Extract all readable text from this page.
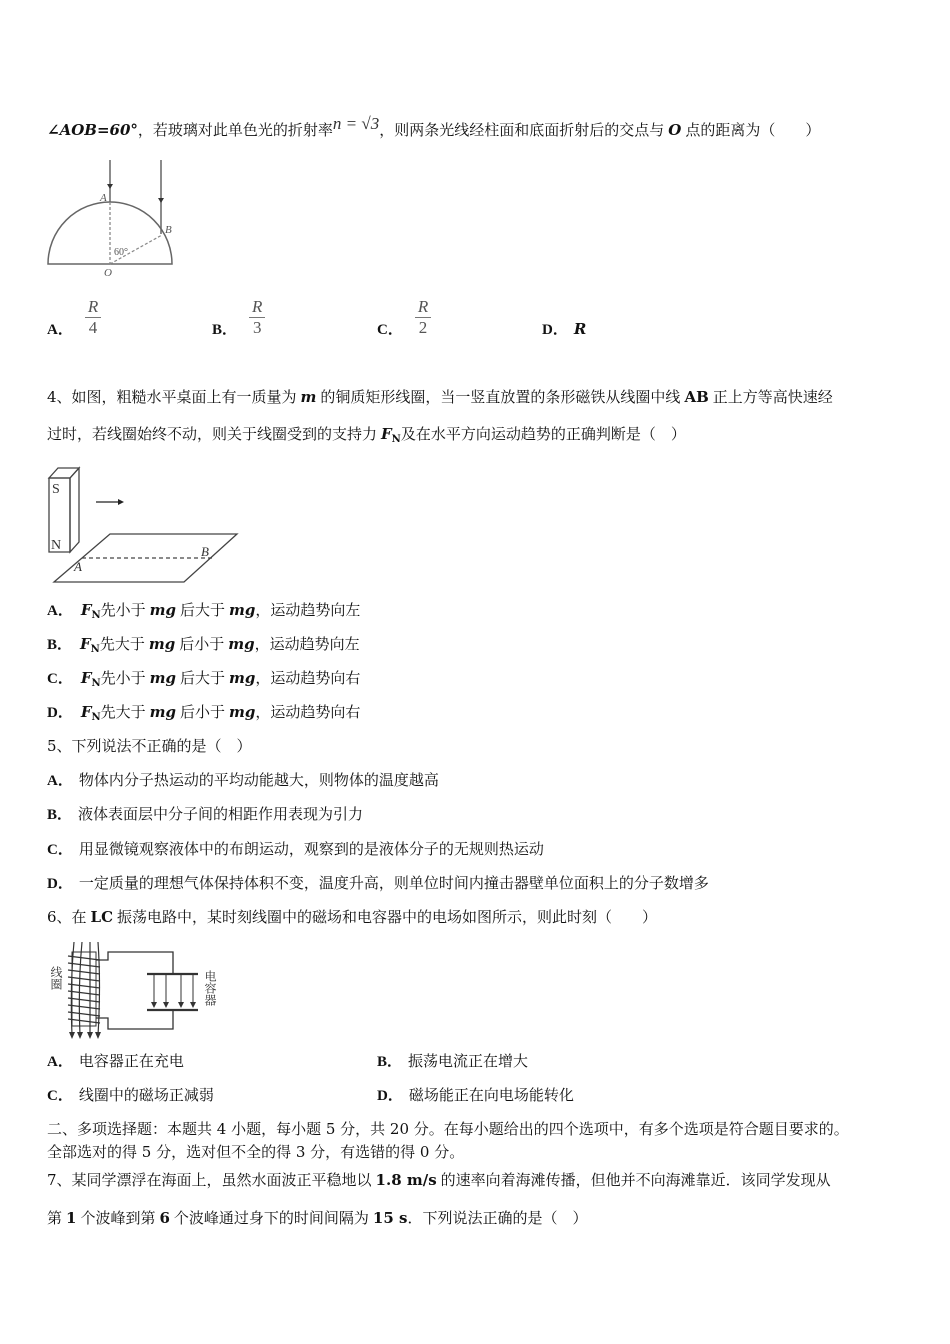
∠AOB=60°，若玻璃对此单色光的折射率n = √3，则两条光线经柱面和底面折射后的交点与 O 点的距离为（　　）
A
B
O
60°
A． $\frac{R}{4}$	B． $\frac{R}{3}$	C． $\frac{R}{2}$	D． R
4、如图，粗糙水平桌面上有一质量为 m 的铜质矩形线圈，当一竖直放置的条形磁铁从线圈中线 AB 正上方等高快速经
过时，若线圈始终不动，则关于线圈受到的支持力 $F_N$及在水平方向运动趋势的正确判断是（　）
S
N
A
B
A． $F_N$先小于 mg 后大于 mg，运动趋势向左
B． $F_N$先大于 mg 后小于 mg，运动趋势向左
C． $F_N$先小于 mg 后大于 mg，运动趋势向右
D． $F_N$先大于 mg 后小于 mg，运动趋势向右
5、下列说法不正确的是（　）
A． 物体内分子热运动的平均动能越大，则物体的温度越高
B． 液体表面层中分子间的相距作用表现为引力
C． 用显微镜观察液体中的布朗运动，观察到的是液体分子的无规则热运动
D． 一定质量的理想气体保持体积不变，温度升高，则单位时间内撞击器壁单位面积上的分子数增多
6、在 LC 振荡电路中，某时刻线圈中的磁场和电容器中的电场如图所示，则此时刻（　　）
线圈	电容器
A． 电容器正在充电	B． 振荡电流正在增大
C． 线圈中的磁场正减弱	D． 磁场能正在向电场能转化
二、多项选择题：本题共 4 小题，每小题 5 分，共 20 分。在每小题给出的四个选项中，有多个选项是符合题目要求的。
全部选对的得 5 分，选对但不全的得 3 分，有选错的得 0 分。
7、某同学漂浮在海面上，虽然水面波正平稳地以 1.8 m/s 的速率向着海滩传播，但他并不向海滩靠近．该同学发现从
第 1 个波峰到第 6 个波峰通过身下的时间间隔为 15 s．下列说法正确的是（　）
